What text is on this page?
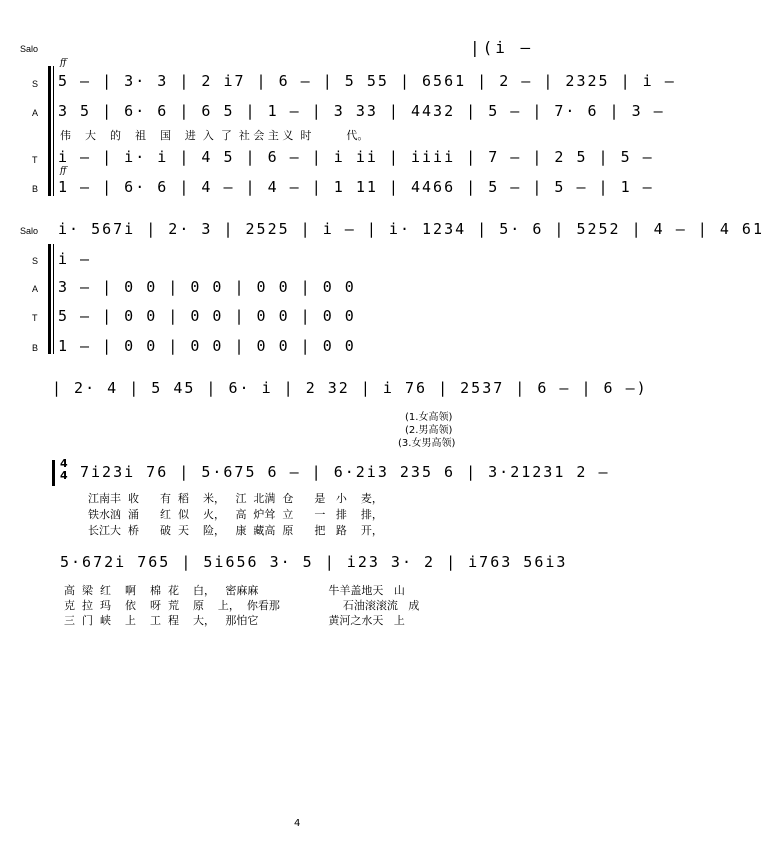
Salo
S
A
T
B
ff
ff
|(i̇ —
5 — | 3· 3 | 2 i7 | 6 — | 5 55 | 6561 | 2 — | 2325 | i —
3 5 | 6· 6 | 6 5 | 1 — | 3 33 | 4432 | 5 — | 7· 6 | 3 —
伟    大    的    祖    国    进  入  了  社 会 主 义  时          代。
i — | i· i | 4 5 | 6 — | i ii | iiii | 7 — | 2 5 | 5 —
1 — | 6· 6 | 4 — | 4 — | 1 11 | 4466 | 5 — | 5 — | 1 —
Salo
S
A
T
B
i· 567i | 2· 3 | 2525 | i — | i· 1234 | 5· 6 | 5252 | 4 — | 4 61
i —
3 — | 0 0 | 0 0 | 0 0 | 0 0
5 — | 0 0 | 0 0 | 0 0 | 0 0
1 — | 0 0 | 0 0 | 0 0 | 0 0
| 2· 4 | 5 45 | 6· i | 2 32 | i 76 | 2537 | 6 — | 6 —)
(1.女高领)
(2.男高领)
(3.女男高领)
4
4 7i23i 76 | 5·675 6 — | 6·2i3 235 6 | 3·21231 2 —
江南丰  收      有  稻    米，   江  北满  仓      是   小    麦，
铁水汹  涌      红  似    火，   高  炉耸  立      一   排    排，
长江大  桥      破  天    险，   康  藏高  原      把   路    开，
5·672i 765 | 5i656 3· 5 | i23 3· 2 | i763 56i3
高  梁  红    啊    棉  花    白，   密麻麻                    牛羊盖地天   山
克  拉  玛    依    呀  荒    原    上，  你看那                  石油滚滚流   成
三  门  峡    上    工  程    大，   那怕它                    黄河之水天   上
4
